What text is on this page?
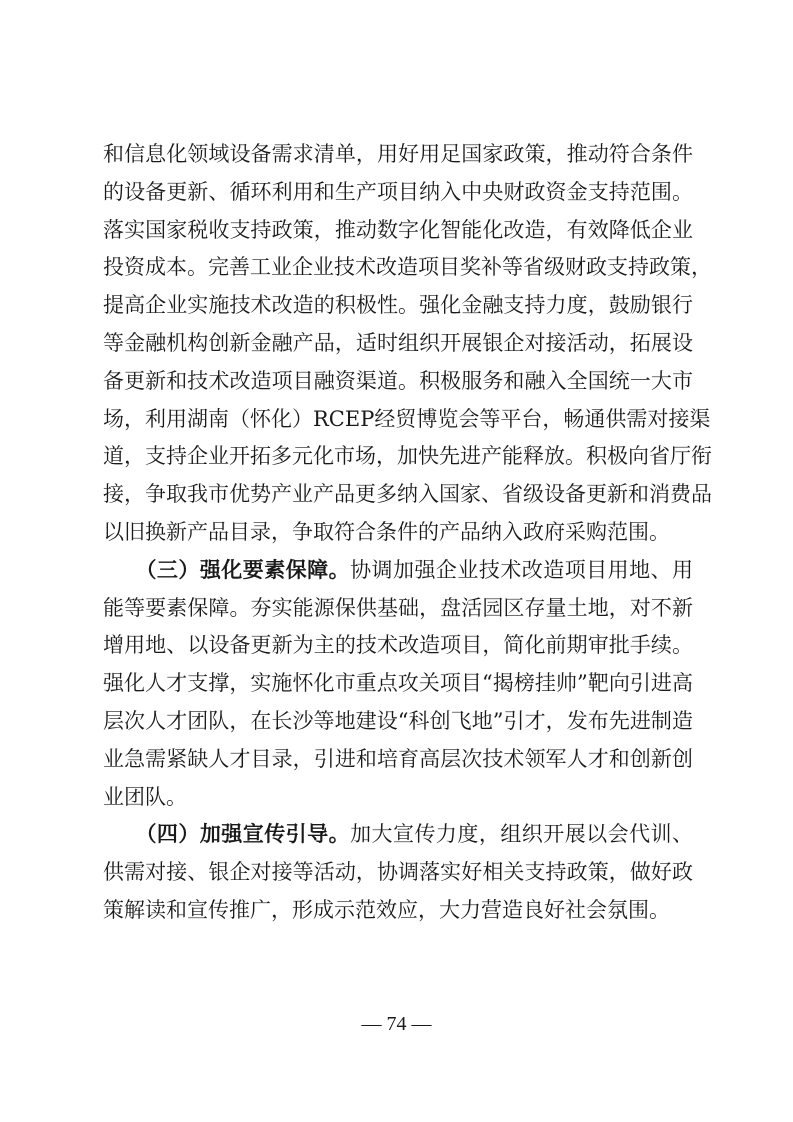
和信息化领域设备需求清单，用好用足国家政策，推动符合条件
的设备更新、循环利用和生产项目纳入中央财政资金支持范围。
落实国家税收支持政策，推动数字化智能化改造，有效降低企业
投资成本。完善工业企业技术改造项目奖补等省级财政支持政策，
提高企业实施技术改造的积极性。强化金融支持力度，鼓励银行
等金融机构创新金融产品，适时组织开展银企对接活动，拓展设
备更新和技术改造项目融资渠道。积极服务和融入全国统一大市
场，利用湖南（怀化）RCEP经贸博览会等平台，畅通供需对接渠
道，支持企业开拓多元化市场，加快先进产能释放。积极向省厅衔
接，争取我市优势产业产品更多纳入国家、省级设备更新和消费品
以旧换新产品目录，争取符合条件的产品纳入政府采购范围。

　　（三）强化要素保障。协调加强企业技术改造项目用地、用
能等要素保障。夯实能源保供基础，盘活园区存量土地，对不新
增用地、以设备更新为主的技术改造项目，简化前期审批手续。
强化人才支撑，实施怀化市重点攻关项目“揭榜挂帅”靶向引进高
层次人才团队，在长沙等地建设“科创飞地”引才，发布先进制造
业急需紧缺人才目录，引进和培育高层次技术领军人才和创新创
业团队。

　　（四）加强宣传引导。加大宣传力度，组织开展以会代训、
供需对接、银企对接等活动，协调落实好相关支持政策，做好政
策解读和宣传推广，形成示范效应，大力营造良好社会氛围。

— 74 —
